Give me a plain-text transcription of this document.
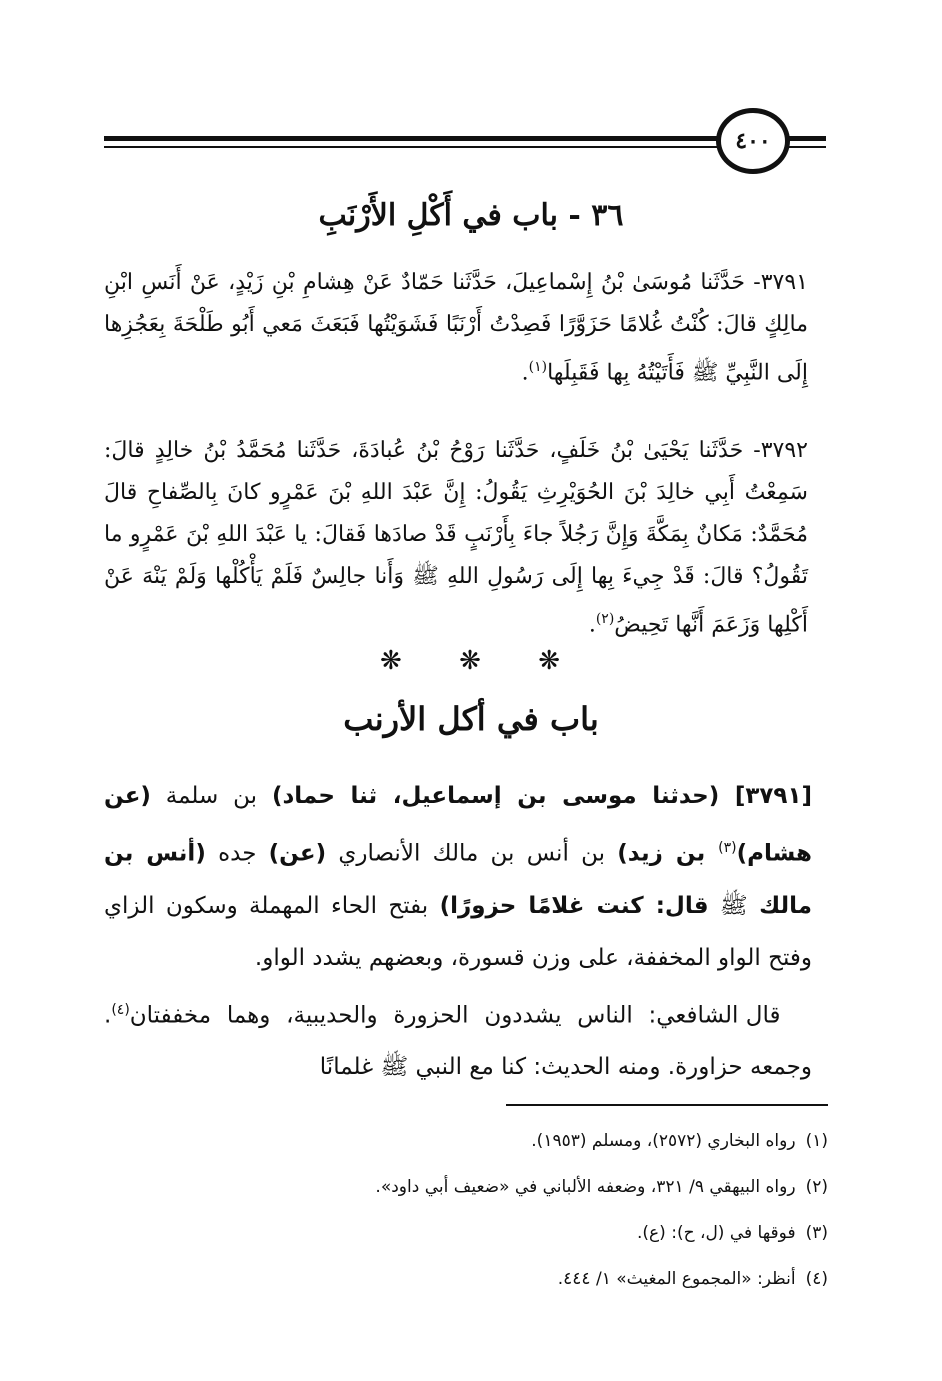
٤٠٠
٣٦ - باب في أَكْلِ الأَرْنَبِ
٣٧٩١- حَدَّثَنا مُوسَىٰ بْنُ إِسْماعِيلَ، حَدَّثَنا حَمّادٌ عَنْ هِشامِ بْنِ زَيْدٍ، عَنْ أَنَسِ ابْنِ مالِكٍ قالَ: كُنْتُ غُلامًا حَزَوَّرًا فَصِدْتُ أَرْنَبًا فَشَوَيْتُها فَبَعَثَ مَعي أَبُو طَلْحَةَ بِعَجُزِها إِلَى النَّبِيِّ ﷺ فَأَتَيْتُهُ بِها فَقَبِلَها$^{(١)}$.
٣٧٩٢- حَدَّثَنا يَحْيَىٰ بْنُ خَلَفٍ، حَدَّثَنا رَوْحُ بْنُ عُبادَةَ، حَدَّثَنا مُحَمَّدُ بْنُ خالِدٍ قالَ: سَمِعْتُ أَبِي خالِدَ بْنَ الحُوَيْرِثِ يَقُولُ: إِنَّ عَبْدَ اللهِ بْنَ عَمْرٍو كانَ بِالصِّفاحِ قالَ مُحَمَّدٌ: مَكانٌ بِمَكَّةَ وَإِنَّ رَجُلاً جاءَ بِأَرْنَبٍ قَدْ صادَها فَقالَ: يا عَبْدَ اللهِ بْنَ عَمْرٍو ما تَقُولُ؟ قالَ: قَدْ جِيءَ بِها إِلَى رَسُولِ اللهِ ﷺ وَأَنا جالِسٌ فَلَمْ يَأْكُلْها وَلَمْ يَنْهَ عَنْ أَكْلِها وَزَعَمَ أَنَّها تَحِيضُ$^{(٢)}$.
❋ ❋ ❋
باب في أكل الأرنب

[٣٧٩١] (حدثنا موسى بن إسماعيل، ثنا حماد) بن سلمة (عن هشام)$^{(٣)}$ بن زيد) بن أنس بن مالك الأنصاري (عن) جده (أنس بن مالك ﷺ قال: كنت غلامًا حزورًا) بفتح الحاء المهملة وسكون الزاي وفتح الواو المخففة، على وزن قسورة، وبعضهم يشدد الواو.

قال الشافعي: الناس يشددون الحزورة والحديبية، وهما مخففتان$^{(٤)}$. وجمعه حزاورة. ومنه الحديث: كنا مع النبي ﷺ غلمانًا

(١)رواه البخاري (٢٥٧٢)، ومسلم (١٩٥٣).
(٢)رواه البيهقي ٩/ ٣٢١، وضعفه الألباني في «ضعيف أبي داود».
(٣)فوقها في (ل، ح): (ع).
(٤)أنظر: «المجموع المغيث» ١/ ٤٤٤.
